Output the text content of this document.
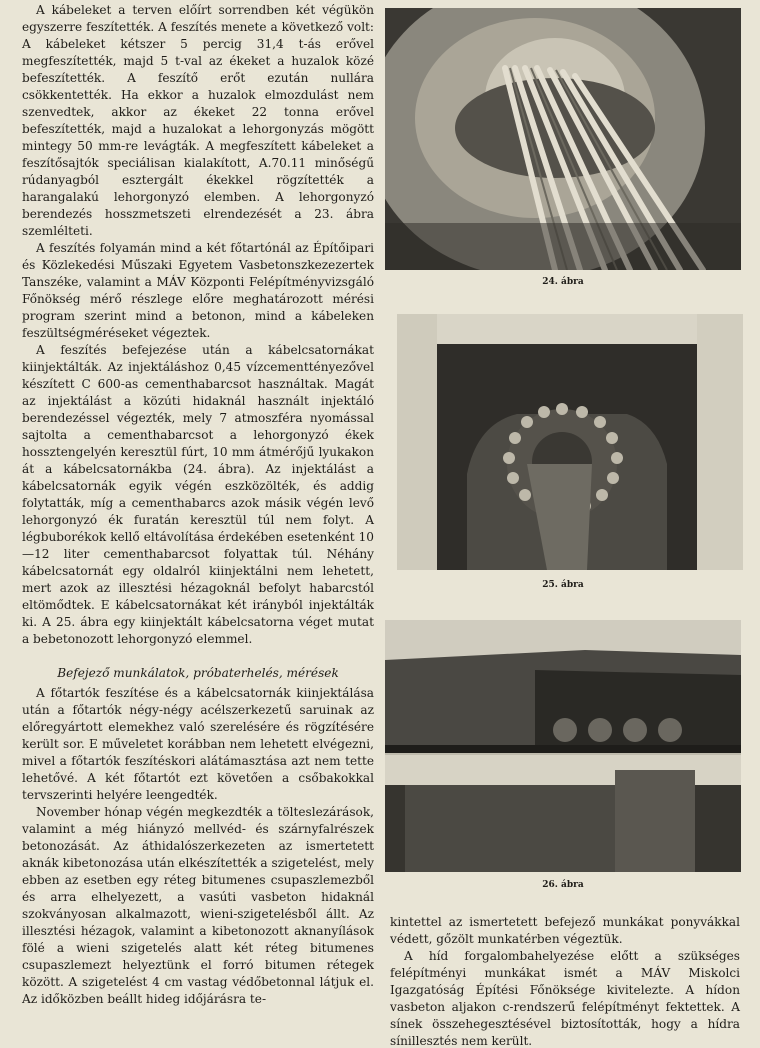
A kábeleket a terven előírt sorrendben két végükön egyszerre feszítették. A feszítés menete a következő volt: A kábeleket kétszer 5 percig 31,4 t-ás erővel megfeszítették, majd 5 t-val az ékeket a huzalok közé befeszítették. A feszítő erőt ezután nullára csökkentették. Ha ekkor a huzalok elmozdulást nem szenvedtek, akkor az ékeket 22 tonna erővel befeszítették, majd a huzalokat a lehorgonyzás mögött mintegy 50 mm-re levágták. A megfeszített kábeleket a feszítősajtók speciálisan kialakított, A.70.11 minőségű rúdanyagból esztergált ékekkel rögzítették a harangalakú lehorgonyzó elemben. A lehorgonyzó berendezés hosszmetszeti elrendezését a 23. ábra szemlélteti.

A feszítés folyamán mind a két főtartónál az Építőipari és Közlekedési Műszaki Egyetem Vasbetonszkezezertek Tanszéke, valamint a MÁV Központi Felépítményvizsgáló Főnökség mérő részlege előre meghatározott mérési program szerint mind a betonon, mind a kábeleken feszültségméréseket végeztek.

A feszítés befejezése után a kábelcsatornákat kiinjektálták. Az injektáláshoz 0,45 vízcementtényezővel készített C 600-as cementhabarcsot használtak. Magát az injektálást a közúti hidaknál használt injektáló berendezéssel végezték, mely 7 atmoszféra nyomással sajtolta a cementhabarcsot a lehorgonyzó ékek hossztengelyén keresztül fúrt, 10 mm átmérőjű lyukakon át a kábelcsatornákba (24. ábra). Az injektálást a kábelcsatornák egyik végén eszközölték, és addig folytatták, míg a cementhabarcs azok másik végén levő lehorgonyzó ék furatán keresztül túl nem folyt. A légbuborékok kellő eltávolítása érdekében esetenként 10—12 liter cementhabarcsot folyattak túl. Néhány kábelcsatornát egy oldalról kiinjektálni nem lehetett, mert azok az illesztési hézagoknál befolyt habarcstól eltömődtek. E kábelcsatornákat két irányból injektálták ki. A 25. ábra egy kiinjektált kábelcsatorna véget mutat a bebetonozott lehorgonyzó elemmel.

Befejező munkálatok, próbaterhelés, mérések

A főtartók feszítése és a kábelcsatornák kiinjektálása után a főtartók négy-négy acélszerkezetű saruinak az előregyártott elemekhez való szerelésére és rögzítésére került sor. E műveletet korábban nem lehetett elvégezni, mivel a főtartók feszítéskori alátámasztása azt nem tette lehetővé. A két főtartót ezt követően a csőbakokkal tervszerinti helyére leengedték.

November hónap végén megkezdték a tölteslezárások, valamint a még hiányzó mellvéd- és szárnyfalrészek betonozását. Az áthidalószerkezeten az ismertetett aknák kibetonozása után elkészítették a szigetelést, mely ebben az esetben egy réteg bitumenes csupaszlemezből és arra elhelyezett, a vasúti vasbeton hidaknál szokványosan alkalmazott, wieni-szigetelésből állt. Az illesztési hézagok, valamint a kibetonozott aknanyílások fölé a wieni szigetelés alatt két réteg bitumenes csupaszlemezt helyeztünk el forró bitumen rétegek között. A szigetelést 4 cm vastag védőbetonnal látjuk el. Az időközben beállt hideg időjárásra te-

24. ábra
25. ábra
26. ábra

kintettel az ismertetett befejező munkákat ponyvákkal védett, gőzölt munkatérben végeztük.

A híd forgalombahelyezése előtt a szükséges felépítményi munkákat ismét a MÁV Miskolci Igazgatóság Építési Főnöksége kivitelezte. A hídon vasbeton aljakon c-rendszerű felépítményt fektettek. A sínek összehegesztésével biztosították, hogy a hídra sínillesztés nem került.
